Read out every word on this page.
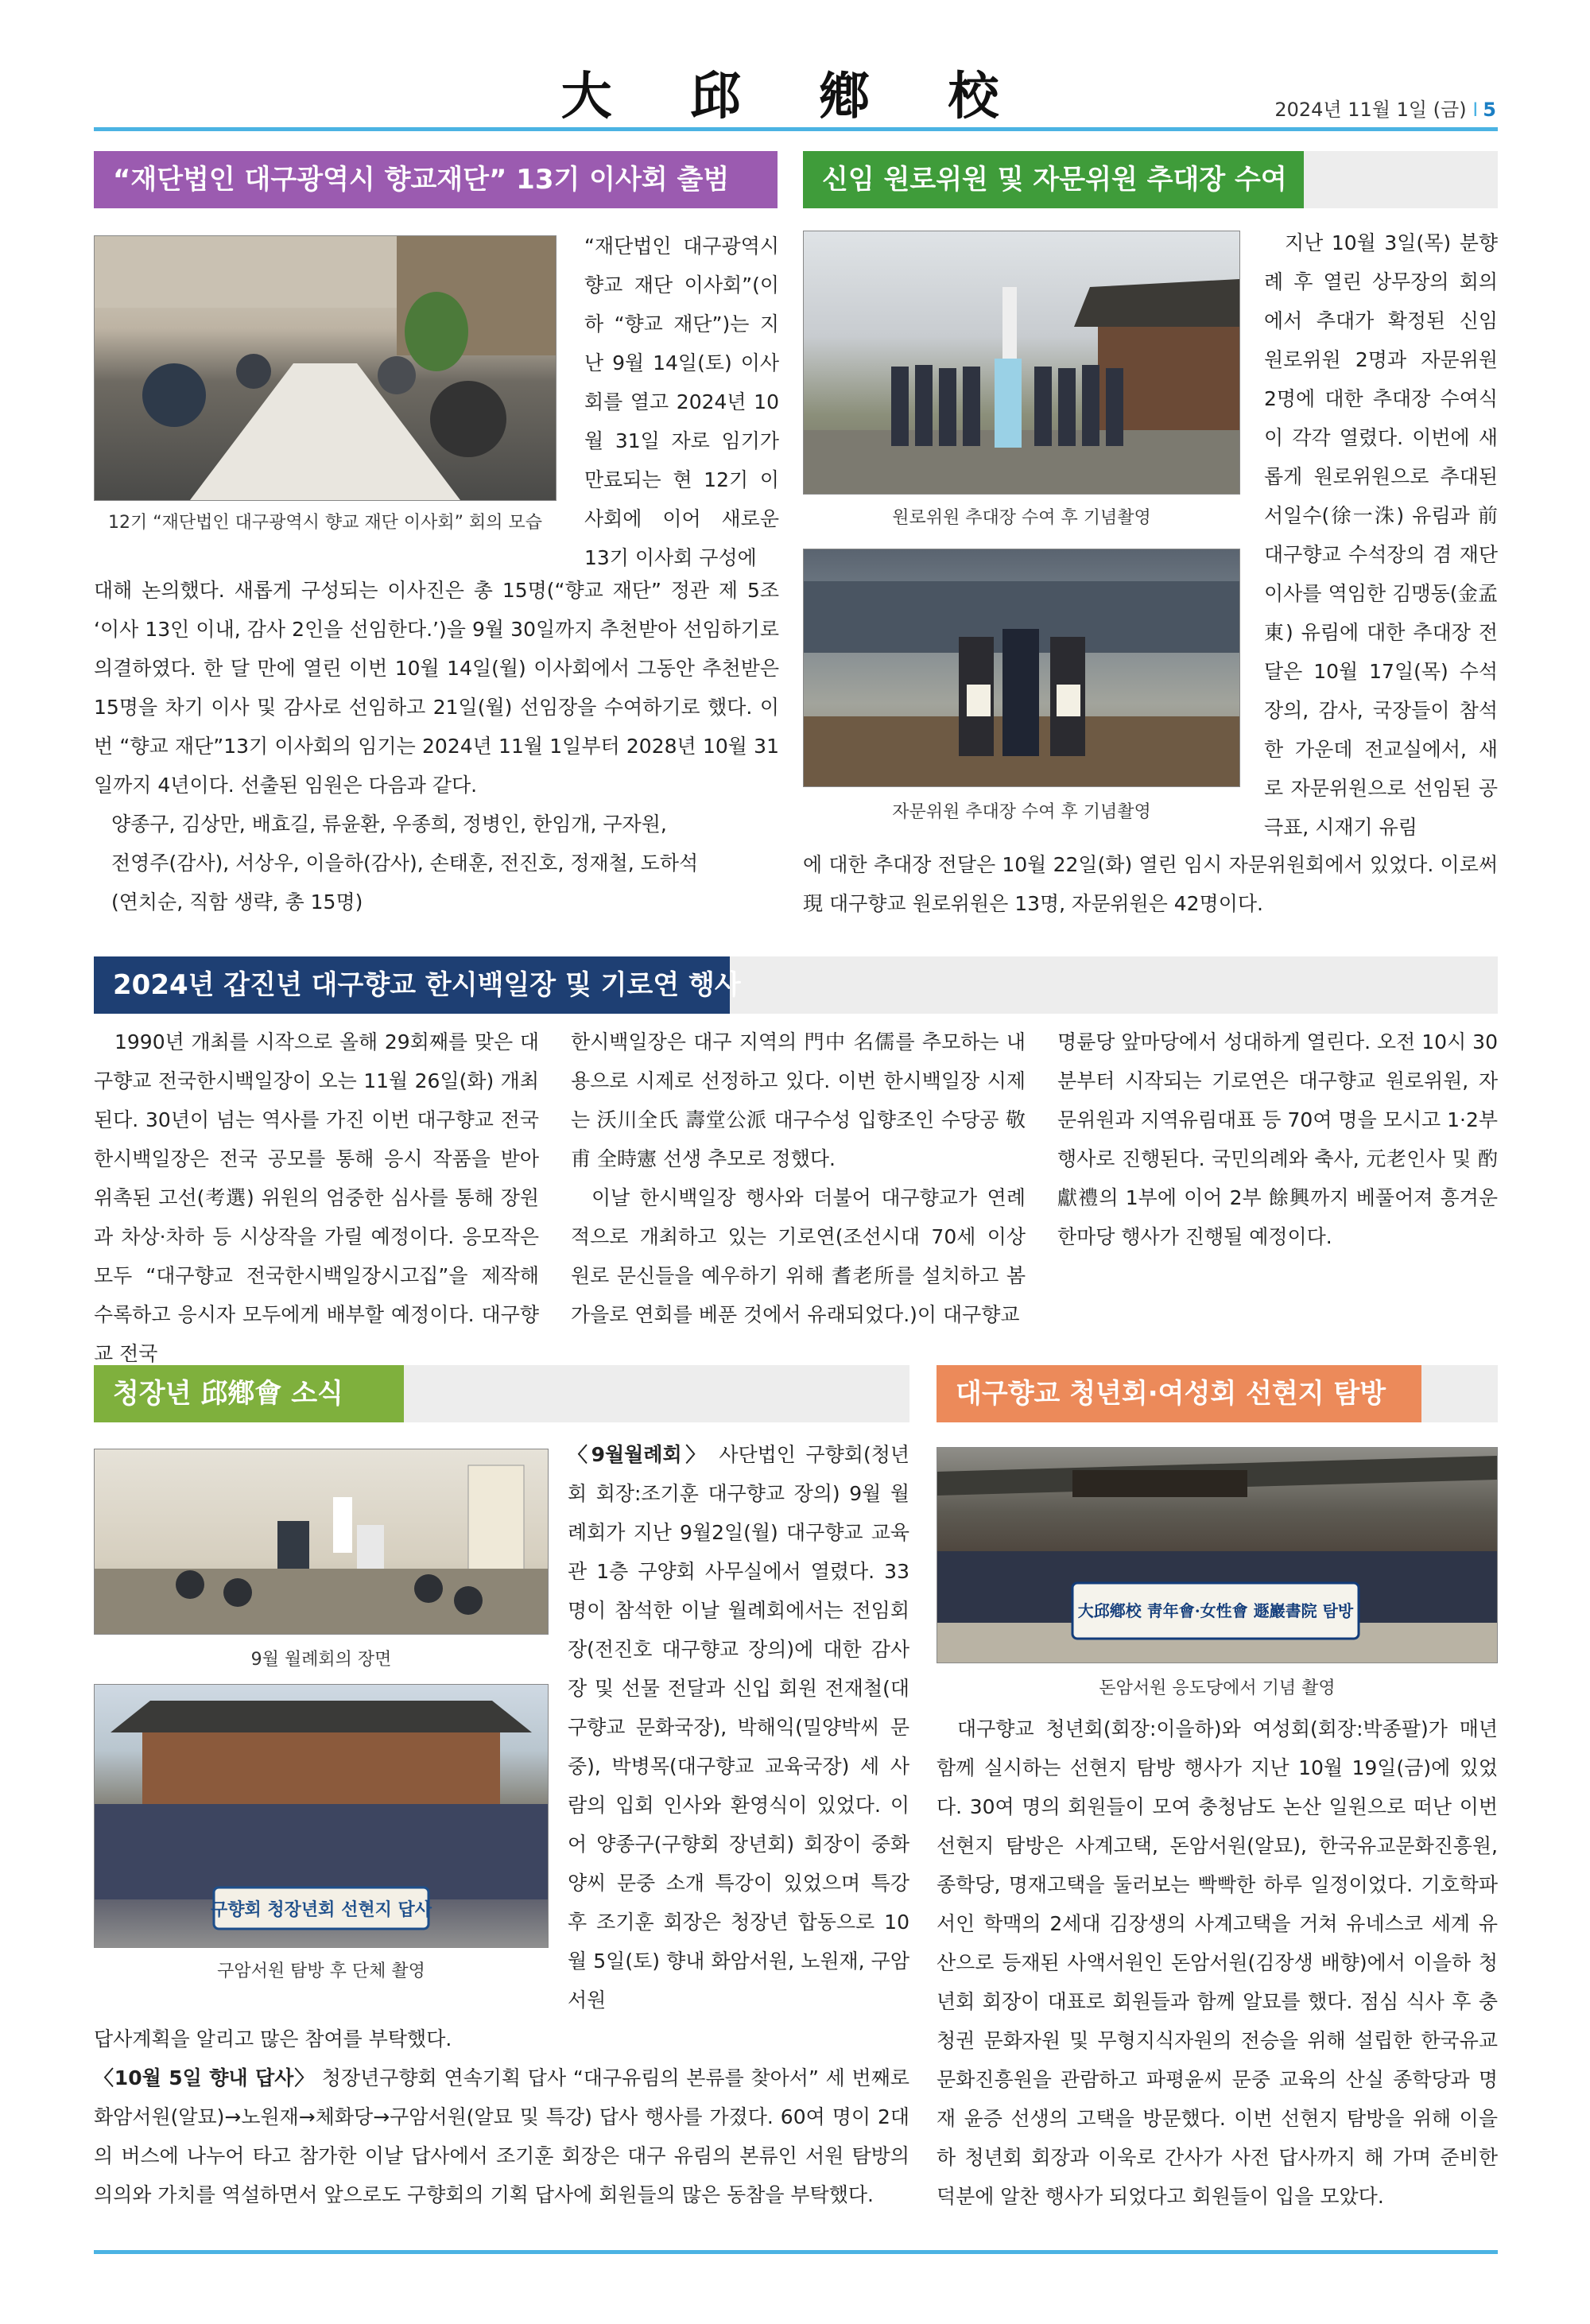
大 邱 鄕 校	2024년 11월 1일 (금) I 5
“재단법인 대구광역시 향교재단” 13기 이사회 출범
12기 “재단법인 대구광역시 향교 재단 이사회” 회의 모습
“재단법인 대구광역시 향교 재단 이사회”(이하 “향교 재단”)는 지난 9월 14일(토) 이사회를 열고 2024년 10월 31일 자로 임기가 만료되는 현 12기 이사회에 이어 새로운 13기 이사회 구성에
대해 논의했다. 새롭게 구성되는 이사진은 총 15명(“향교 재단” 정관 제 5조 ‘이사 13인 이내, 감사 2인을 선임한다.’)을 9월 30일까지 추천받아 선임하기로 의결하였다. 한 달 만에 열린 이번 10월 14일(월) 이사회에서 그동안 추천받은 15명을 차기 이사 및 감사로 선임하고 21일(월) 선임장을 수여하기로 했다. 이번 “향교 재단”13기 이사회의 임기는 2024년 11월 1일부터 2028년 10월 31일까지 4년이다. 선출된 임원은 다음과 같다.
양종구, 김상만, 배효길, 류윤환, 우종희, 정병인, 한임개, 구자원,
전영주(감사), 서상우, 이을하(감사), 손태훈, 전진호, 정재철, 도하석
(연치순, 직함 생략, 총 15명)
신임 원로위원 및 자문위원 추대장 수여
원로위원 추대장 수여 후 기념촬영
자문위원 추대장 수여 후 기념촬영
지난 10월 3일(목) 분향례 후 열린 상무장의 회의에서 추대가 확정된 신임 원로위원 2명과 자문위원 2명에 대한 추대장 수여식이 각각 열렸다. 이번에 새롭게 원로위원으로 추대된 서일수(徐一洙) 유림과 前 대구향교 수석장의 겸 재단이사를 역임한 김맹동(金孟東) 유림에 대한 추대장 전달은 10월 17일(목) 수석장의, 감사, 국장들이 참석한 가운데 전교실에서, 새로 자문위원으로 선임된 공극표, 시재기 유림
에 대한 추대장 전달은 10월 22일(화) 열린 임시 자문위원회에서 있었다. 이로써 現 대구향교 원로위원은 13명, 자문위원은 42명이다.
2024년 갑진년 대구향교 한시백일장 및 기로연 행사
1990년 개최를 시작으로 올해 29회째를 맞은 대구향교 전국한시백일장이 오는 11월 26일(화) 개최된다. 30년이 넘는 역사를 가진 이번 대구향교 전국한시백일장은 전국 공모를 통해 응시 작품을 받아 위촉된 고선(考選) 위원의 엄중한 심사를 통해 장원과 차상·차하 등 시상작을 가릴 예정이다. 응모작은 모두 “대구향교 전국한시백일장시고집”을 제작해 수록하고 응시자 모두에게 배부할 예정이다. 대구향교 전국

한시백일장은 대구 지역의 門中 名儒를 추모하는 내용으로 시제로 선정하고 있다. 이번 한시백일장 시제는 沃川全氏 壽堂公派 대구수성 입향조인 수당공 敬甫 全時憲 선생 추모로 정했다.

이날 한시백일장 행사와 더불어 대구향교가 연례적으로 개최하고 있는 기로연(조선시대 70세 이상 원로 문신들을 예우하기 위해 耆老所를 설치하고 봄가을로 연회를 베푼 것에서 유래되었다.)이 대구향교

명륜당 앞마당에서 성대하게 열린다. 오전 10시 30분부터 시작되는 기로연은 대구향교 원로위원, 자문위원과 지역유림대표 등 70여 명을 모시고 1·2부 행사로 진행된다. 국민의례와 축사, 元老인사 및 酌獻禮의 1부에 이어 2부 餘興까지 베풀어져 흥겨운 한마당 행사가 진행될 예정이다.
청장년 邱鄕會 소식
9월 월례회의 장면
구향회 청장년회 선현지 답사
구암서원 탐방 후 단체 촬영
〈9월월례회〉 사단법인 구향회(청년회 회장:조기훈 대구향교 장의) 9월 월례회가 지난 9월2일(월) 대구향교 교육관 1층 구양회 사무실에서 열렸다. 33명이 참석한 이날 월례회에서는 전임회장(전진호 대구향교 장의)에 대한 감사장 및 선물 전달과 신입 회원 전재철(대구향교 문화국장), 박해익(밀양박씨 문중), 박병목(대구향교 교육국장) 세 사람의 입회 인사와 환영식이 있었다. 이어 양종구(구향회 장년회) 회장이 중화양씨 문중 소개 특강이 있었으며 특강 후 조기훈 회장은 청장년 합동으로 10월 5일(토) 향내 화암서원, 노원재, 구암서원

답사계획을 알리고 많은 참여를 부탁했다.

〈10월 5일 향내 답사〉 청장년구향회 연속기획 답사 “대구유림의 본류를 찾아서” 세 번째로 화암서원(알묘)→노원재→체화당→구암서원(알묘 및 특강) 답사 행사를 가졌다. 60여 명이 2대의 버스에 나누어 타고 참가한 이날 답사에서 조기훈 회장은 대구 유림의 본류인 서원 탐방의 의의와 가치를 역설하면서 앞으로도 구향회의 기획 답사에 회원들의 많은 동참을 부탁했다.

대구향교 청년회·여성회 선현지 탐방
大邱鄕校 靑年會·女性會 遯巖書院 탐방
돈암서원 응도당에서 기념 촬영
대구향교 청년회(회장:이을하)와 여성회(회장:박종팔)가 매년 함께 실시하는 선현지 탐방 행사가 지난 10월 19일(금)에 있었다. 30여 명의 회원들이 모여 충청남도 논산 일원으로 떠난 이번 선현지 탐방은 사계고택, 돈암서원(알묘), 한국유교문화진흥원, 종학당, 명재고택을 둘러보는 빡빡한 하루 일정이었다. 기호학파 서인 학맥의 2세대 김장생의 사계고택을 거쳐 유네스코 세계 유산으로 등재된 사액서원인 돈암서원(김장생 배향)에서 이을하 청년회 회장이 대표로 회원들과 함께 알묘를 했다. 점심 식사 후 충청권 문화자원 및 무형지식자원의 전승을 위해 설립한 한국유교문화진흥원을 관람하고 파평윤씨 문중 교육의 산실 종학당과 명재 윤증 선생의 고택을 방문했다. 이번 선현지 탐방을 위해 이을하 청년회 회장과 이욱로 간사가 사전 답사까지 해 가며 준비한 덕분에 알찬 행사가 되었다고 회원들이 입을 모았다.
